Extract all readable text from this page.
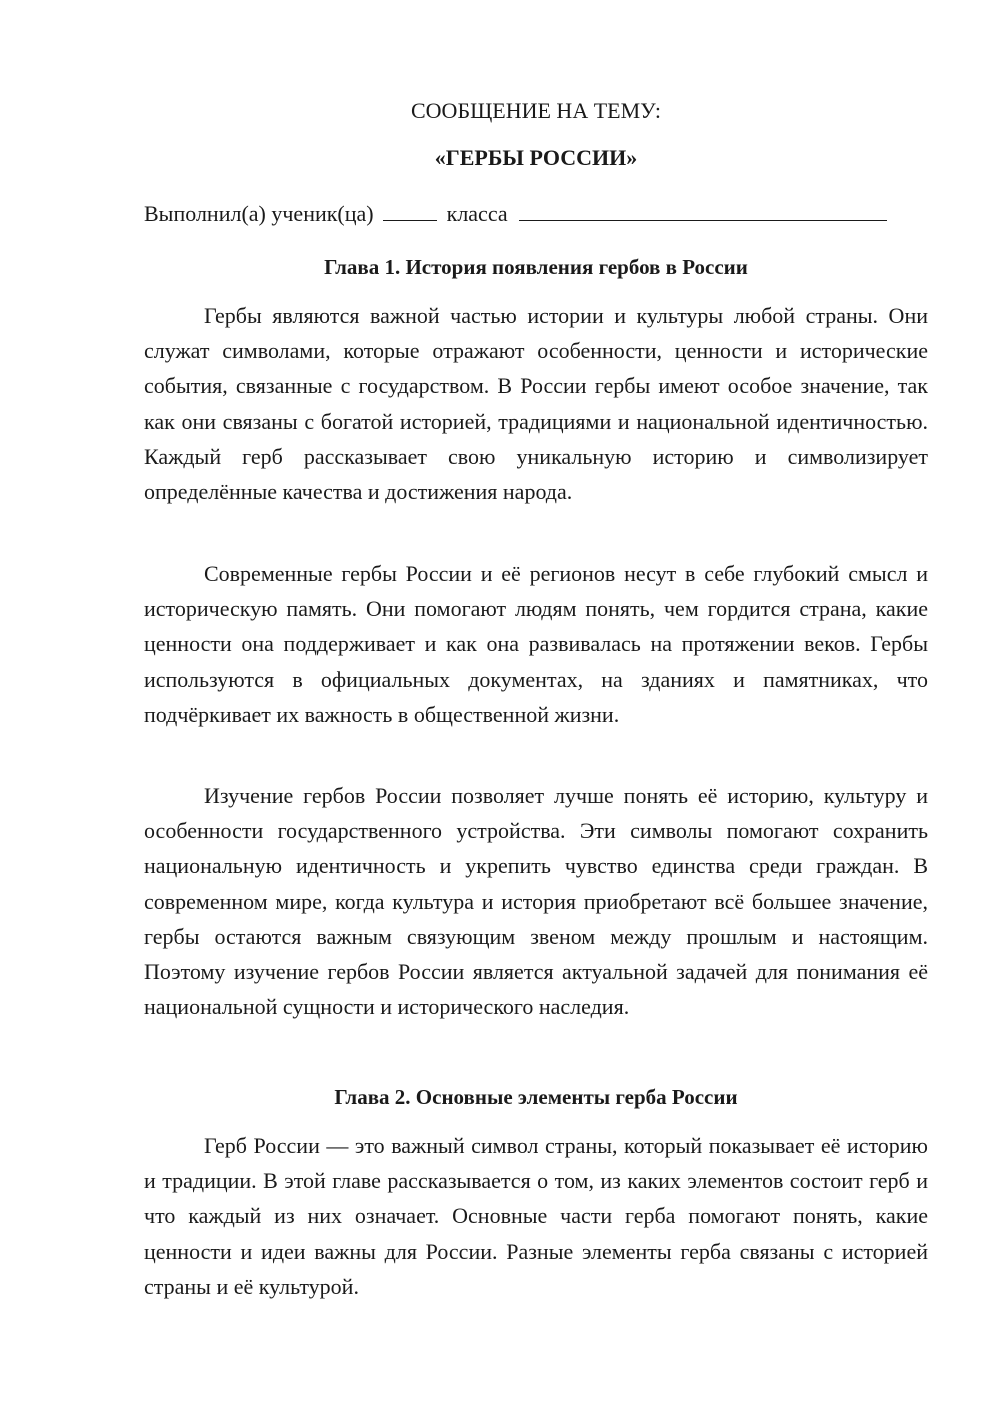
СООБЩЕНИЕ НА ТЕМУ:
«ГЕРБЫ РОССИИ»
Выполнил(а) ученик(ца)	класса
Глава 1. История появления гербов в России

Гербы являются важной частью истории и культуры любой страны. Они служат символами, которые отражают особенности, ценности и исторические события, связанные с государством. В России гербы имеют особое значение, так как они связаны с богатой историей, традициями и национальной идентичностью. Каждый герб рассказывает свою уникальную историю и символизирует определённые качества и достижения народа.

Современные гербы России и её регионов несут в себе глубокий смысл и историческую память. Они помогают людям понять, чем гордится страна, какие ценности она поддерживает и как она развивалась на протяжении веков. Гербы используются в официальных документах, на зданиях и памятниках, что подчёркивает их важность в общественной жизни.

Изучение гербов России позволяет лучше понять её историю, культуру и особенности государственного устройства. Эти символы помогают сохранить национальную идентичность и укрепить чувство единства среди граждан. В современном мире, когда культура и история приобретают всё большее значение, гербы остаются важным связующим звеном между прошлым и настоящим. Поэтому изучение гербов России является актуальной задачей для понимания её национальной сущности и исторического наследия.

Глава 2. Основные элементы герба России

Герб России — это важный символ страны, который показывает её историю и традиции. В этой главе рассказывается о том, из каких элементов состоит герб и что каждый из них означает. Основные части герба помогают понять, какие ценности и идеи важны для России. Разные элементы герба связаны с историей страны и её культурой.
